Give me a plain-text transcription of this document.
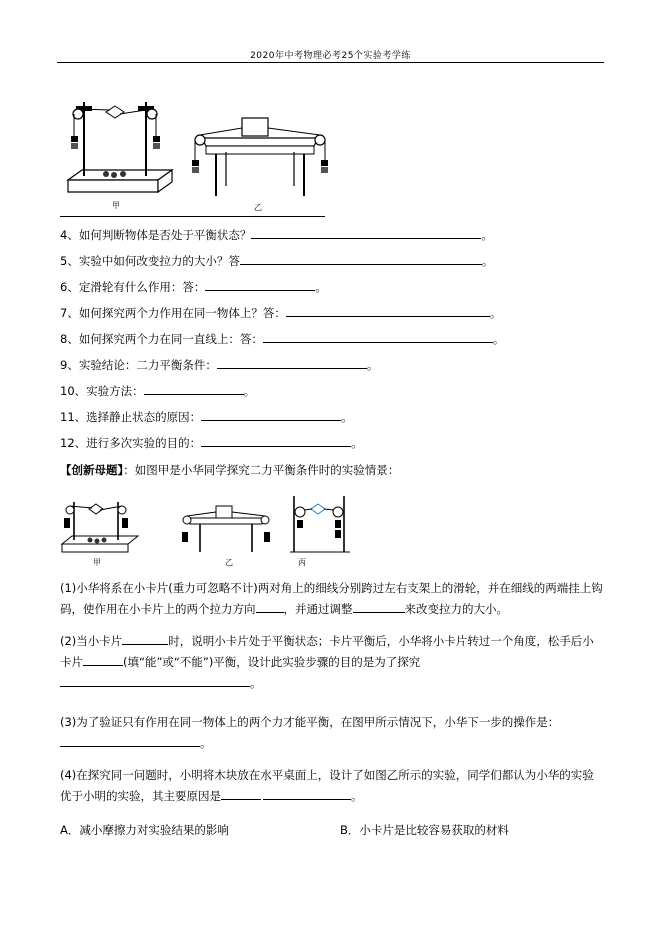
2020年中考物理必考25个实验考学练
甲	乙
4、如何判断物体是否处于平衡状态？	。
5、实验中如何改变拉力的大小？答	。
6、定滑轮有什么作用：答：	。
7、如何探究两个力作用在同一物体上？答：	。
8、如何探究两个力在同一直线上：答：	。
9、实验结论：二力平衡条件：	。
10、实验方法：	。
11、选择静止状态的原因：	。
12、进行多次实验的目的：	。
【创新母题】：如图甲是小华同学探究二力平衡条件时的实验情景：
甲	乙	丙
(1)小华将系在小卡片(重力可忽略不计)两对角上的细线分别跨过左右支架上的滑轮，并在细线的两端挂上钩码，使作用在小卡片上的两个拉力方向 ，并通过调整	来改变拉力的大小。
(2)当小卡片	时，说明小卡片处于平衡状态；卡片平衡后，小华将小卡片转过一个角度，松手后小卡片	(填“能”或“不能”)平衡，设计此实验步骤的目的是为了探究。
(3)为了验证只有作用在同一物体上的两个力才能平衡，在图甲所示情况下，小华下一步的操作是：。
(4)在探究同一问题时，小明将木块放在水平桌面上，设计了如图乙所示的实验，同学们都认为小华的实验优于小明的实验，其主要原因是	。
A．减小摩擦力对实验结果的影响	B．小卡片是比较容易获取的材料
